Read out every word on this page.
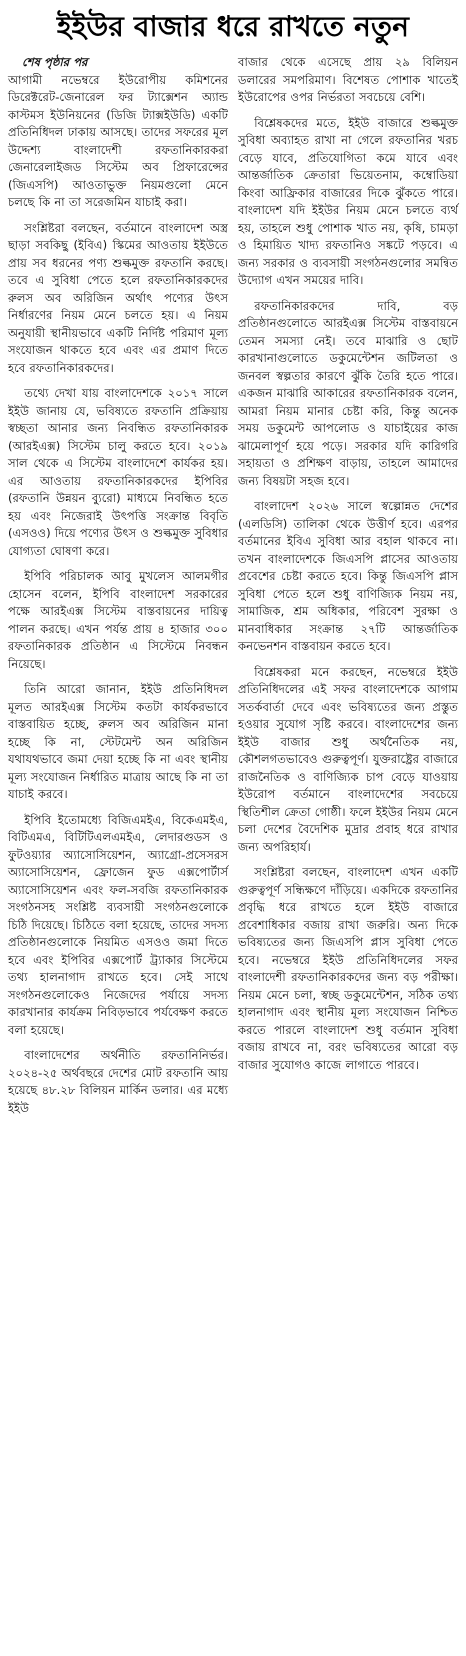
ইইউর বাজার ধরে রাখতে নতুন
শেষ পৃষ্ঠার পর

আগামী নভেম্বরে ইউরোপীয় কমিশনের ডিরেক্টরেট-জেনারেল ফর ট্যাক্সেশন অ্যান্ড কাস্টমস ইউনিয়নের (ডিজি ট্যাক্সইউডি) একটি প্রতিনিধিদল ঢাকায় আসছে। তাদের সফরের মূল উদ্দেশ্য বাংলাদেশী রফতানিকারকরা জেনারেলাইজড সিস্টেম অব প্রিফারেন্সের (জিএসপি) আওতাভুক্ত নিয়মগুলো মেনে চলছে কি না তা সরেজমিন যাচাই করা।

সংশ্লিষ্টরা বলছেন, বর্তমানে বাংলাদেশ অস্ত্র ছাড়া সবকিছু (ইবিএ) স্কিমের আওতায় ইইউতে প্রায় সব ধরনের পণ্য শুল্কমুক্ত রফতানি করছে। তবে এ সুবিধা পেতে হলে রফতানিকারকদের রুলস অব অরিজিন অর্থাৎ পণ্যের উৎস নির্ধারণের নিয়ম মেনে চলতে হয়। এ নিয়ম অনুযায়ী স্থানীয়ভাবে একটি নির্দিষ্ট পরিমাণ মূল্য সংযোজন থাকতে হবে এবং এর প্রমাণ দিতে হবে রফতানিকারকদের।

তথ্যে দেখা যায় বাংলাদেশকে ২০১৭ সালে ইইউ জানায় যে, ভবিষ্যতে রফতানি প্রক্রিয়ায় স্বচ্ছতা আনার জন্য নিবন্ধিত রফতানিকারক (আরইএক্স) সিস্টেম চালু করতে হবে। ২০১৯ সাল থেকে এ সিস্টেম বাংলাদেশে কার্যকর হয়। এর আওতায় রফতানিকারকদের ইপিবির (রফতানি উন্নয়ন ব্যুরো) মাধ্যমে নিবন্ধিত হতে হয় এবং নিজেরাই উৎপত্তি সংক্রান্ত বিবৃতি (এসওও) দিয়ে পণ্যের উৎস ও শুল্কমুক্ত সুবিধার যোগ্যতা ঘোষণা করে।

ইপিবি পরিচালক আবু মুখলেস আলমগীর হোসেন বলেন, ইপিবি বাংলাদেশ সরকারের পক্ষে আরইএক্স সিস্টেম বাস্তবায়নের দায়িত্ব পালন করছে। এখন পর্যন্ত প্রায় ৪ হাজার ৩০০ রফতানিকারক প্রতিষ্ঠান এ সিস্টেমে নিবন্ধন নিয়েছে।

তিনি আরো জানান, ইইউ প্রতিনিধিদল মূলত আরইএক্স সিস্টেম কতটা কার্যকরভাবে বাস্তবায়িত হচ্ছে, রুলস অব অরিজিন মানা হচ্ছে কি না, স্টেটমেন্ট অন অরিজিন যথাযথভাবে জমা দেয়া হচ্ছে কি না এবং স্থানীয় মূল্য সংযোজন নির্ধারিত মাত্রায় আছে কি না তা যাচাই করবে।

ইপিবি ইতোমধ্যে বিজিএমইএ, বিকেএমইএ, বিটিএমএ, বিটিটিএলএমইএ, লেদারগুডস ও ফুটওয়্যার অ্যাসোসিয়েশন, অ্যাগ্রো-প্রসেসরস অ্যাসোসিয়েশন, ফ্রোজেন ফুড এক্সপোর্টার্স অ্যাসোসিয়েশন এবং ফল-সবজি রফতানিকারক সংগঠনসহ সংশ্লিষ্ট ব্যবসায়ী সংগঠনগুলোকে চিঠি দিয়েছে। চিঠিতে বলা হয়েছে, তাদের সদস্য প্রতিষ্ঠানগুলোকে নিয়মিত এসওও জমা দিতে হবে এবং ইপিবির এক্সপোর্ট ট্র্যাকার সিস্টেমে তথ্য হালনাগাদ রাখতে হবে। সেই সাথে সংগঠনগুলোকেও নিজেদের পর্যায়ে সদস্য কারখানার কার্যক্রম নিবিড়ভাবে পর্যবেক্ষণ করতে বলা হয়েছে।

বাংলাদেশের অর্থনীতি রফতানিনির্ভর। ২০২৪-২৫ অর্থবছরে দেশের মোট রফতানি আয় হয়েছে ৪৮.২৮ বিলিয়ন মার্কিন ডলার। এর মধ্যে ইইউ

বাজার থেকে এসেছে প্রায় ২৯ বিলিয়ন ডলারের সমপরিমাণ। বিশেষত পোশাক খাতেই ইউরোপের ওপর নির্ভরতা সবচেয়ে বেশি।

বিশ্লেষকদের মতে, ইইউ বাজারে শুল্কমুক্ত সুবিধা অব্যাহত রাখা না গেলে রফতানির খরচ বেড়ে যাবে, প্রতিযোগিতা কমে যাবে এবং আন্তর্জাতিক ক্রেতারা ভিয়েতনাম, কম্বোডিয়া কিংবা আফ্রিকার বাজারের দিকে ঝুঁকতে পারে। বাংলাদেশ যদি ইইউর নিয়ম মেনে চলতে ব্যর্থ হয়, তাহলে শুধু পোশাক খাত নয়, কৃষি, চামড়া ও হিমায়িত খাদ্য রফতানিও সঙ্কটে পড়বে। এ জন্য সরকার ও ব্যবসায়ী সংগঠনগুলোর সমন্বিত উদ্যোগ এখন সময়ের দাবি।

রফতানিকারকদের দাবি, বড় প্রতিষ্ঠানগুলোতে আরইএক্স সিস্টেম বাস্তবায়নে তেমন সমস্যা নেই। তবে মাঝারি ও ছোট কারখানাগুলোতে ডকুমেন্টেশন জটিলতা ও জনবল স্বল্পতার কারণে ঝুঁকি তৈরি হতে পারে। একজন মাঝারি আকারের রফতানিকারক বলেন, আমরা নিয়ম মানার চেষ্টা করি, কিন্তু অনেক সময় ডকুমেন্ট আপলোড ও যাচাইয়ের কাজ ঝামেলাপূর্ণ হয়ে পড়ে। সরকার যদি কারিগরি সহায়তা ও প্রশিক্ষণ বাড়ায়, তাহলে আমাদের জন্য বিষয়টা সহজ হবে।

বাংলাদেশ ২০২৬ সালে স্বল্পোন্নত দেশের (এলডিসি) তালিকা থেকে উত্তীর্ণ হবে। এরপর বর্তমানের ইবিএ সুবিধা আর বহাল থাকবে না। তখন বাংলাদেশকে জিএসপি প্লাসের আওতায় প্রবেশের চেষ্টা করতে হবে। কিন্তু জিএসপি প্লাস সুবিধা পেতে হলে শুধু বাণিজ্যিক নিয়ম নয়, সামাজিক, শ্রম অধিকার, পরিবেশ সুরক্ষা ও মানবাধিকার সংক্রান্ত ২৭টি আন্তর্জাতিক কনভেনশন বাস্তবায়ন করতে হবে।

বিশ্লেষকরা মনে করছেন, নভেম্বরে ইইউ প্রতিনিধিদলের এই সফর বাংলাদেশকে আগাম সতর্কবার্তা দেবে এবং ভবিষ্যতের জন্য প্রস্তুত হওয়ার সুযোগ সৃষ্টি করবে। বাংলাদেশের জন্য ইইউ বাজার শুধু অর্থনৈতিক নয়, কৌশলগতভাবেও গুরুত্বপূর্ণ। যুক্তরাষ্ট্রের বাজারে রাজনৈতিক ও বাণিজ্যিক চাপ বেড়ে যাওয়ায় ইউরোপ বর্তমানে বাংলাদেশের সবচেয়ে স্থিতিশীল ক্রেতা গোষ্ঠী। ফলে ইইউর নিয়ম মেনে চলা দেশের বৈদেশিক মুদ্রার প্রবাহ ধরে রাখার জন্য অপরিহার্য।

সংশ্লিষ্টরা বলছেন, বাংলাদেশ এখন একটি গুরুত্বপূর্ণ সন্ধিক্ষণে দাঁড়িয়ে। একদিকে রফতানির প্রবৃদ্ধি ধরে রাখতে হলে ইইউ বাজারে প্রবেশাধিকার বজায় রাখা জরুরি। অন্য দিকে ভবিষ্যতের জন্য জিএসপি প্লাস সুবিধা পেতে হবে। নভেম্বরে ইইউ প্রতিনিধিদলের সফর বাংলাদেশী রফতানিকারকদের জন্য বড় পরীক্ষা। নিয়ম মেনে চলা, স্বচ্ছ ডকুমেন্টেশন, সঠিক তথ্য হালনাগাদ এবং স্থানীয় মূল্য সংযোজন নিশ্চিত করতে পারলে বাংলাদেশ শুধু বর্তমান সুবিধা বজায় রাখবে না, বরং ভবিষ্যতের আরো বড় বাজার সুযোগও কাজে লাগাতে পারবে।
